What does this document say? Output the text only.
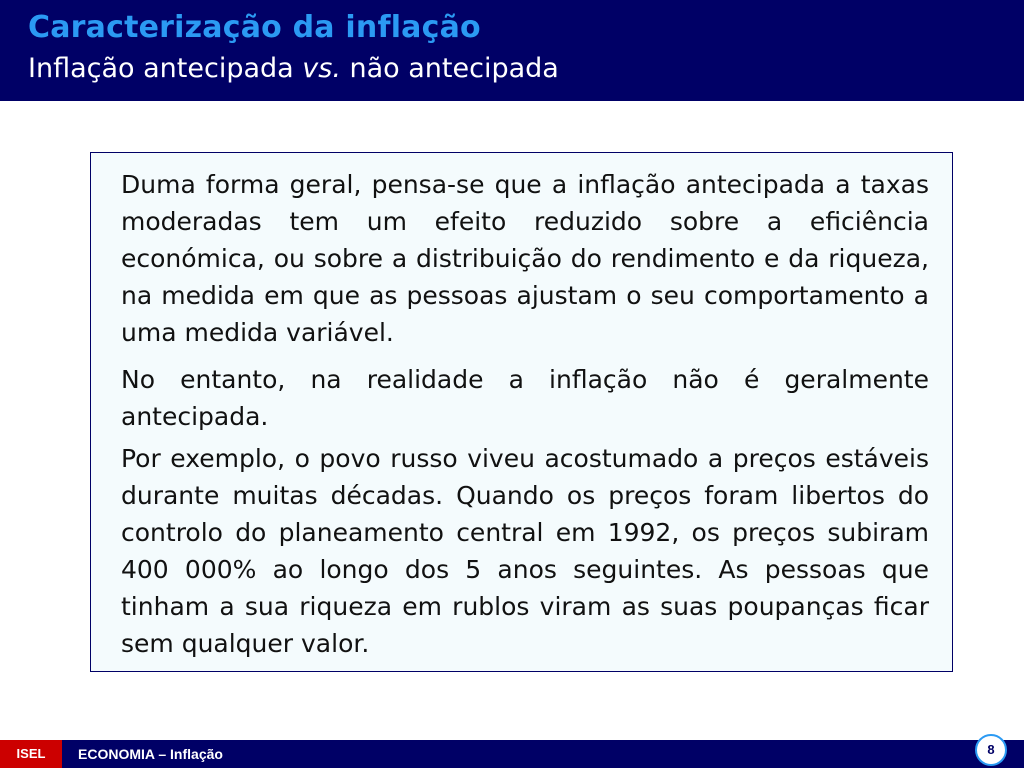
Caracterização da inflação
Inflação antecipada vs. não antecipada

Duma forma geral, pensa-se que a inflação antecipada a taxas moderadas tem um efeito reduzido sobre a eficiência económica, ou sobre a distribuição do rendimento e da riqueza, na medida em que as pessoas ajustam o seu comportamento a uma medida variável.

No entanto, na realidade a inflação não é geralmente antecipada.

Por exemplo, o povo russo viveu acostumado a preços estáveis durante muitas décadas. Quando os preços foram libertos do controlo do planeamento central em 1992, os preços subiram 400 000% ao longo dos 5 anos seguintes. As pessoas que tinham a sua riqueza em rublos viram as suas poupanças ficar sem qualquer valor.

ISEL	ECONOMIA – Inflação	8
